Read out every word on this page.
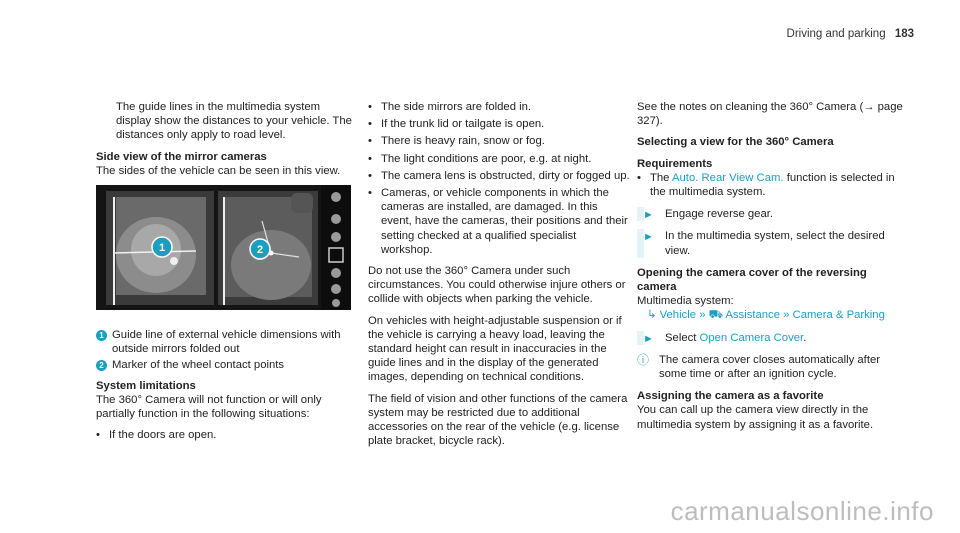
Driving and parking 183

The guide lines in the multimedia system display show the distances to your vehicle. The distances only apply to road level.

Side view of the mirror cameras

The sides of the vehicle can be seen in this view.

1	2
1 Guide line of external vehicle dimensions with outside mirrors folded out
2 Marker of the wheel contact points
System limitations

The 360° Camera will not function or will only partially function in the following situations:

• If the doors are open.
• The side mirrors are folded in.
• If the trunk lid or tailgate is open.
• There is heavy rain, snow or fog.
• The light conditions are poor, e.g. at night.
• The camera lens is obstructed, dirty or fogged up.
• Cameras, or vehicle components in which the cameras are installed, are damaged. In this event, have the cameras, their positions and their setting checked at a qualified specialist workshop.

Do not use the 360° Camera under such circumstances. You could otherwise injure others or collide with objects when parking the vehicle.

On vehicles with height-adjustable suspension or if the vehicle is carrying a heavy load, leaving the standard height can result in inaccuracies in the guide lines and in the display of the generated images, depending on technical conditions.

The field of vision and other functions of the camera system may be restricted due to additional accessories on the rear of the vehicle (e.g. license plate bracket, bicycle rack).

See the notes on cleaning the 360° Camera (→ page 327).

Selecting a view for the 360° Camera
Requirements
• The Auto. Rear View Cam. function is selected in the multimedia system.
► Engage reverse gear.
► In the multimedia system, select the desired view.
Opening the camera cover of the reversing camera
Multimedia system:
↳ Vehicle » ⛟ Assistance » Camera & Parking
► Select Open Camera Cover.
ⓘ The camera cover closes automatically after some time or after an ignition cycle.
Assigning the camera as a favorite

You can call up the camera view directly in the multimedia system by assigning it as a favorite.

carmanualsonline.info
